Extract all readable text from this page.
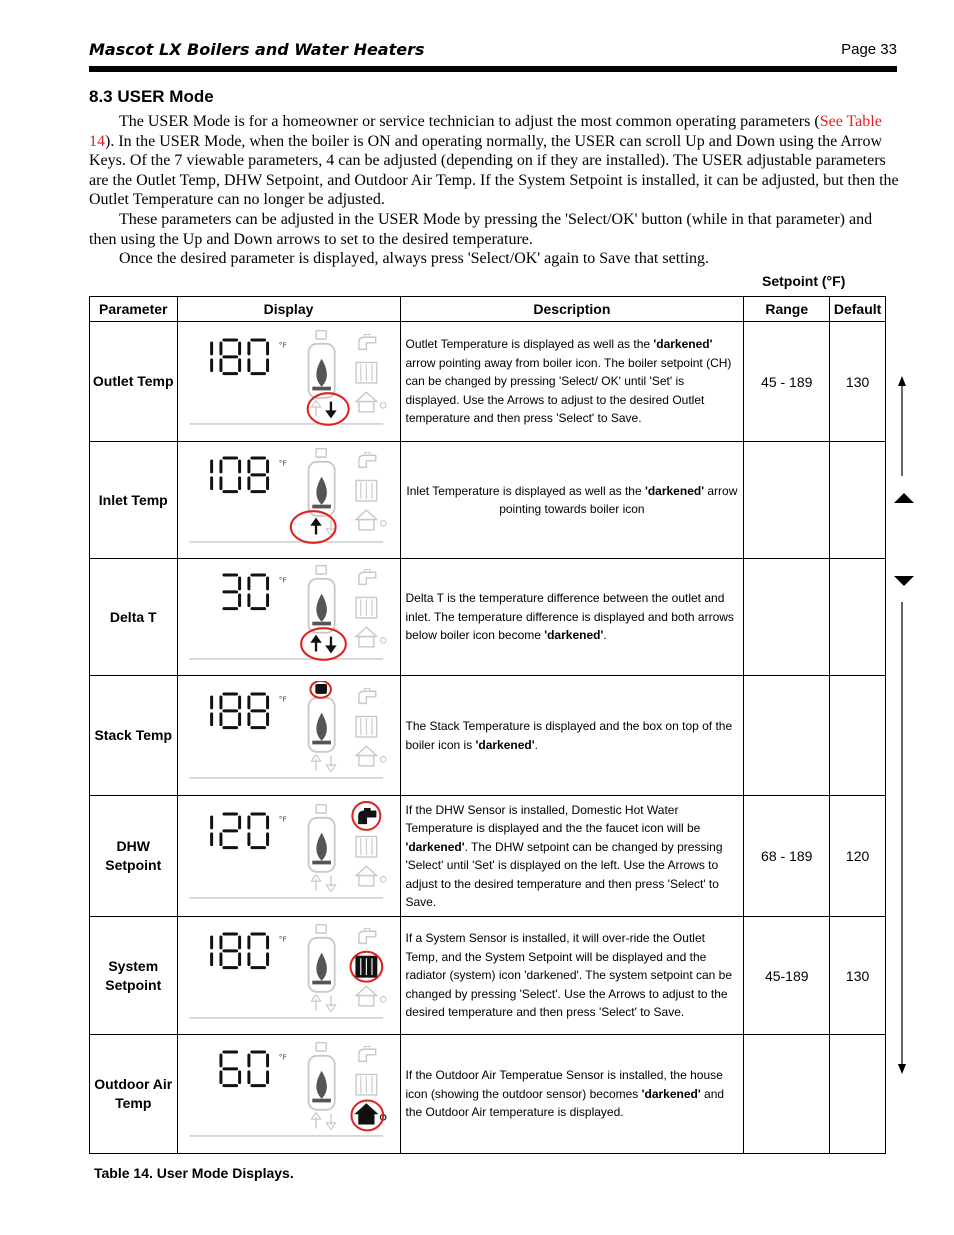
Mascot LX Boilers and Water Heaters	Page 33
8.3 USER Mode

The USER Mode is for a homeowner or service technician to adjust the most common operating parameters (See Table 14). In the USER Mode, when the boiler is ON and operating normally, the USER can scroll Up and Down using the Arrow Keys. Of the 7 viewable parameters, 4 can be adjusted (depending on if they are installed). The USER adjustable parameters are the Outlet Temp, DHW Setpoint, and Outdoor Air Temp. If the System Setpoint is installed, it can be adjusted, but then the Outlet Temperature can no longer be adjusted.

These parameters can be adjusted in the USER Mode by pressing the 'Select/OK' button (while in that parameter) and then using the Up and Down arrows to set to the desired temperature.

Once the desired parameter is displayed, always press 'Select/OK' again to Save that setting.

Setpoint (°F)
Parameter	Display	Description	Range	Default
Outlet Temp	°F	Outlet Temperature is displayed as well as the 'darkened' arrow pointing away from boiler icon. The boiler setpoint (CH) can be changed by pressing 'Select/ OK' until 'Set' is displayed. Use the Arrows to adjust to the desired Outlet temperature and then press 'Select' to Save.	45 - 189	130
Inlet Temp	°F	Inlet Temperature is displayed as well as the 'darkened' arrow pointing towards boiler icon		
Delta T	°F	Delta T is the temperature difference between the outlet and inlet. The temperature difference is displayed and both arrows below boiler icon become 'darkened'.		
Stack Temp	°F	The Stack Temperature is displayed and the box on top of the boiler icon is 'darkened'.		
DHW Setpoint	°F	If the DHW Sensor is installed, Domestic Hot Water Temperature is displayed and the the faucet icon will be 'darkened'. The DHW setpoint can be changed by pressing 'Select' until 'Set' is displayed on the left. Use the Arrows to adjust to the desired temperature and then press 'Select' to Save.	68 - 189	120
System Setpoint	°F	If a System Sensor is installed, it will over-ride the Outlet Temp, and the System Setpoint will be displayed and the radiator (system) icon 'darkened'. The system setpoint can be changed by pressing 'Select'. Use the Arrows to adjust to the desired temperature and then press 'Select' to Save.	45-189	130
Outdoor Air Temp	°F	If the Outdoor Air Temperatue Sensor is installed, the house icon (showing the outdoor sensor) becomes 'darkened' and the Outdoor Air temperature is displayed.		
Table 14. User Mode Displays.
